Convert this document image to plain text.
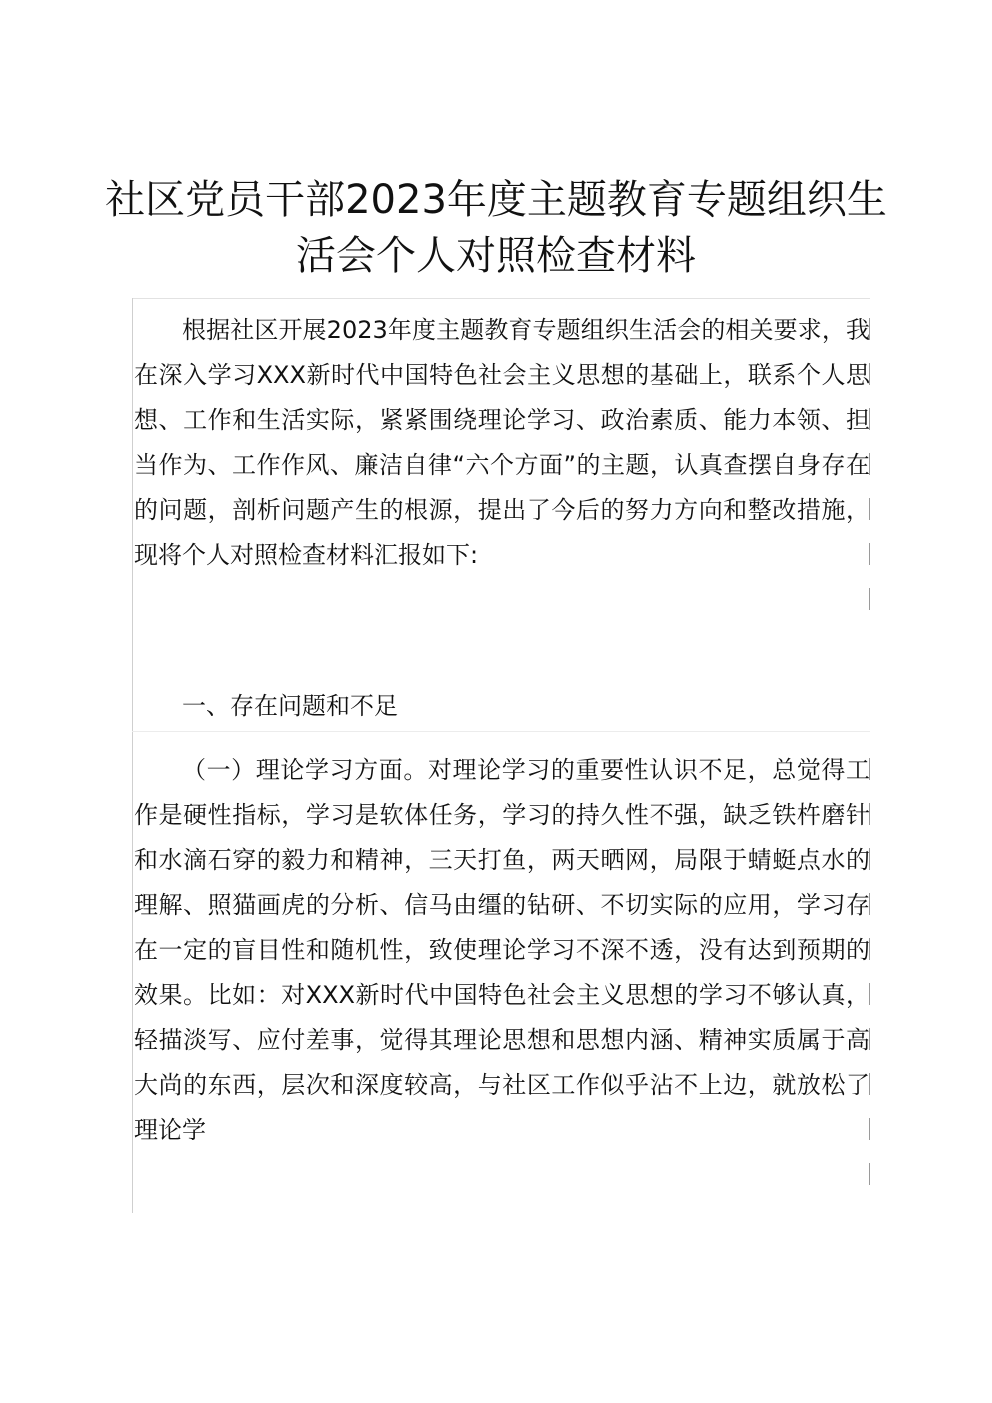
社区党员干部2023年度主题教育专题组织生
活会个人对照检查材料

根据社区开展2023年度主题教育专题组织生活会的相关要求，我在深入学习XXX新时代中国特色社会主义思想的基础上，联系个人思想、工作和生活实际，紧紧围绕理论学习、政治素质、能力本领、担当作为、工作作风、廉洁自律“六个方面”的主题，认真查摆自身存在的问题，剖析问题产生的根源，提出了今后的努力方向和整改措施，现将个人对照检查材料汇报如下:

一、存在问题和不足

（一）理论学习方面。对理论学习的重要性认识不足，总觉得工作是硬性指标，学习是软体任务，学习的持久性不强，缺乏铁杵磨针和水滴石穿的毅力和精神，三天打鱼，两天晒网，局限于蜻蜓点水的理解、照猫画虎的分析、信马由缰的钻研、不切实际的应用，学习存在一定的盲目性和随机性，致使理论学习不深不透，没有达到预期的效果。比如：对XXX新时代中国特色社会主义思想的学习不够认真，轻描淡写、应付差事，觉得其理论思想和思想内涵、精神实质属于高大尚的东西，层次和深度较高，与社区工作似乎沾不上边，就放松了理论学
